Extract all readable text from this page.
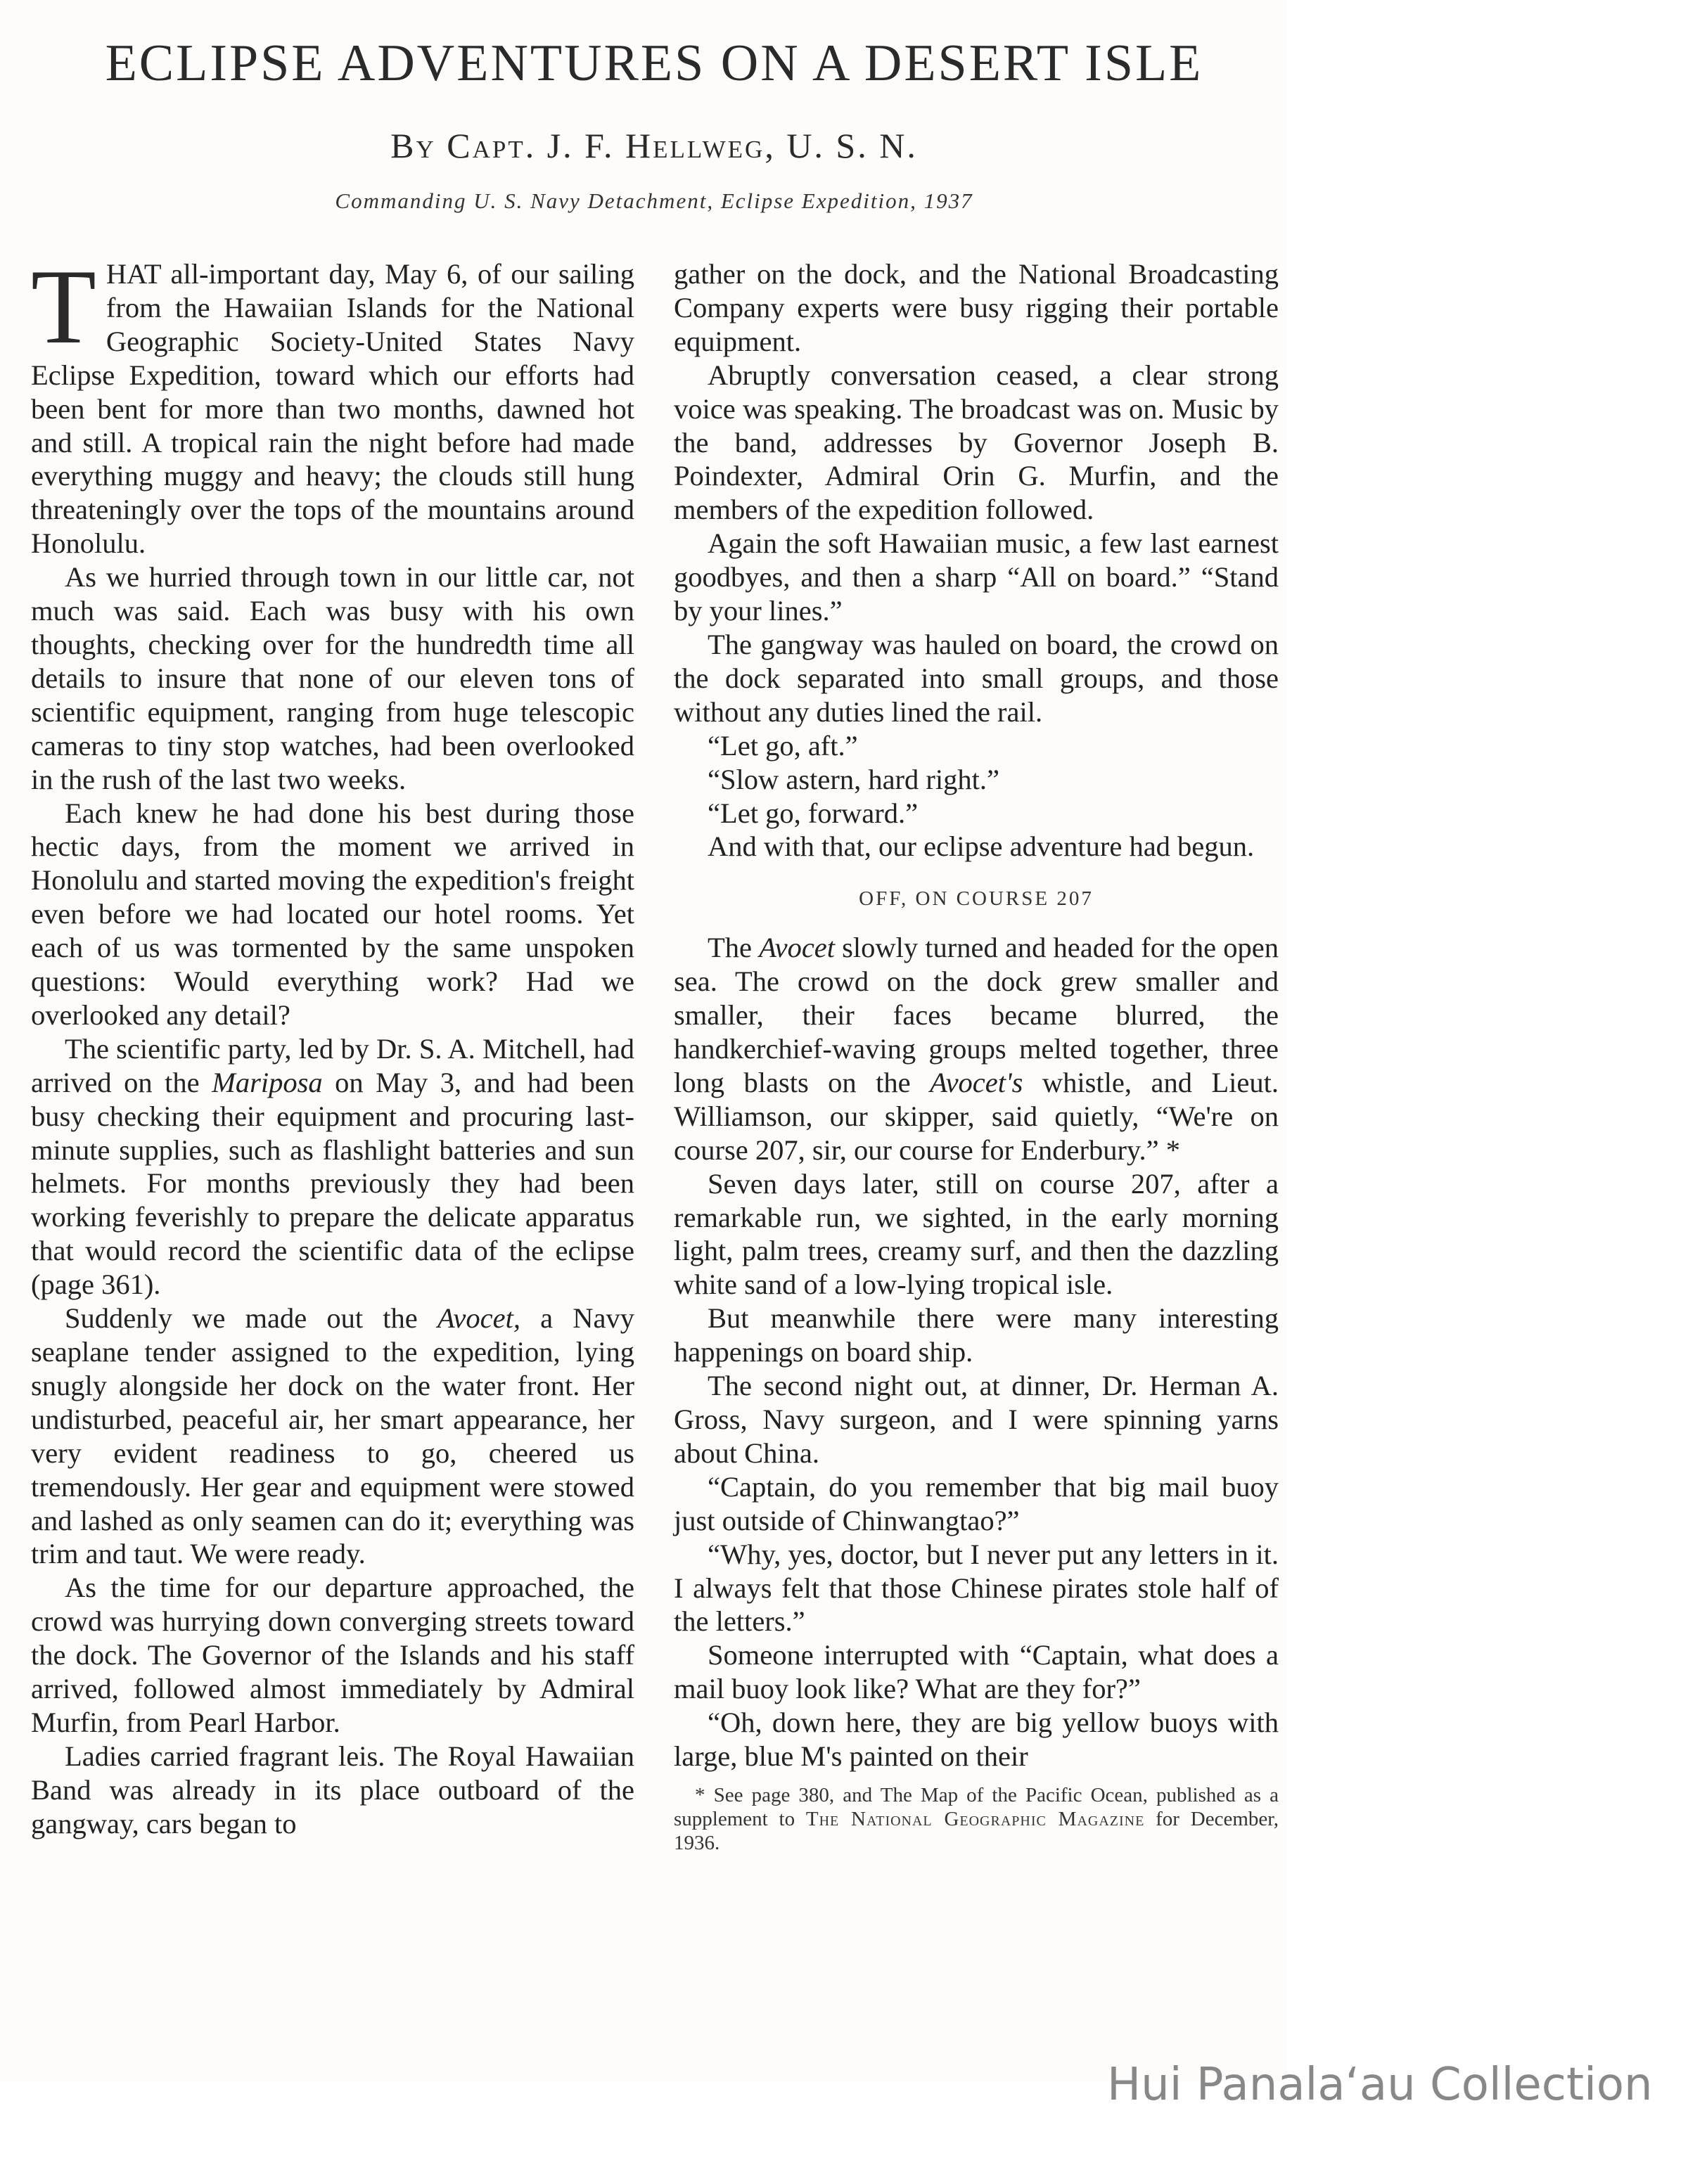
ECLIPSE ADVENTURES ON A DESERT ISLE
By Capt. J. F. Hellweg, U. S. N.
Commanding U. S. Navy Detachment, Eclipse Expedition, 1937

THAT all-important day, May 6, of our sailing from the Hawaiian Islands for the National Geographic Society-United States Navy Eclipse Expedition, toward which our efforts had been bent for more than two months, dawned hot and still. A tropical rain the night before had made everything muggy and heavy; the clouds still hung threateningly over the tops of the mountains around Honolulu.

As we hurried through town in our little car, not much was said. Each was busy with his own thoughts, checking over for the hundredth time all details to insure that none of our eleven tons of scientific equipment, ranging from huge telescopic cameras to tiny stop watches, had been overlooked in the rush of the last two weeks.

Each knew he had done his best during those hectic days, from the moment we arrived in Honolulu and started moving the expedition's freight even before we had located our hotel rooms. Yet each of us was tormented by the same unspoken questions: Would everything work? Had we overlooked any detail?

The scientific party, led by Dr. S. A. Mitchell, had arrived on the Mariposa on May 3, and had been busy checking their equipment and procuring last-minute supplies, such as flashlight batteries and sun helmets. For months previously they had been working feverishly to prepare the delicate apparatus that would record the scientific data of the eclipse (page 361).

Suddenly we made out the Avocet, a Navy seaplane tender assigned to the expedition, lying snugly alongside her dock on the water front. Her undisturbed, peaceful air, her smart appearance, her very evident readiness to go, cheered us tremendously. Her gear and equipment were stowed and lashed as only seamen can do it; everything was trim and taut. We were ready.

As the time for our departure approached, the crowd was hurrying down converging streets toward the dock. The Governor of the Islands and his staff arrived, followed almost immediately by Admiral Murfin, from Pearl Harbor.

Ladies carried fragrant leis. The Royal Hawaiian Band was already in its place outboard of the gangway, cars began to

gather on the dock, and the National Broadcasting Company experts were busy rigging their portable equipment.

Abruptly conversation ceased, a clear strong voice was speaking. The broadcast was on. Music by the band, addresses by Governor Joseph B. Poindexter, Admiral Orin G. Murfin, and the members of the expedition followed.

Again the soft Hawaiian music, a few last earnest goodbyes, and then a sharp “All on board.” “Stand by your lines.”

The gangway was hauled on board, the crowd on the dock separated into small groups, and those without any duties lined the rail.

“Let go, aft.”

“Slow astern, hard right.”

“Let go, forward.”

And with that, our eclipse adventure had begun.

OFF, ON COURSE 207

The Avocet slowly turned and headed for the open sea. The crowd on the dock grew smaller and smaller, their faces became blurred, the handkerchief-waving groups melted together, three long blasts on the Avocet's whistle, and Lieut. Williamson, our skipper, said quietly, “We're on course 207, sir, our course for Enderbury.” *

Seven days later, still on course 207, after a remarkable run, we sighted, in the early morning light, palm trees, creamy surf, and then the dazzling white sand of a low-lying tropical isle.

But meanwhile there were many interesting happenings on board ship.

The second night out, at dinner, Dr. Herman A. Gross, Navy surgeon, and I were spinning yarns about China.

“Captain, do you remember that big mail buoy just outside of Chinwangtao?”

“Why, yes, doctor, but I never put any letters in it. I always felt that those Chinese pirates stole half of the letters.”

Someone interrupted with “Captain, what does a mail buoy look like? What are they for?”

“Oh, down here, they are big yellow buoys with large, blue M's painted on their

* See page 380, and The Map of the Pacific Ocean, published as a supplement to The National Geographic Magazine for December, 1936.
Hui Panala‘au Collection
